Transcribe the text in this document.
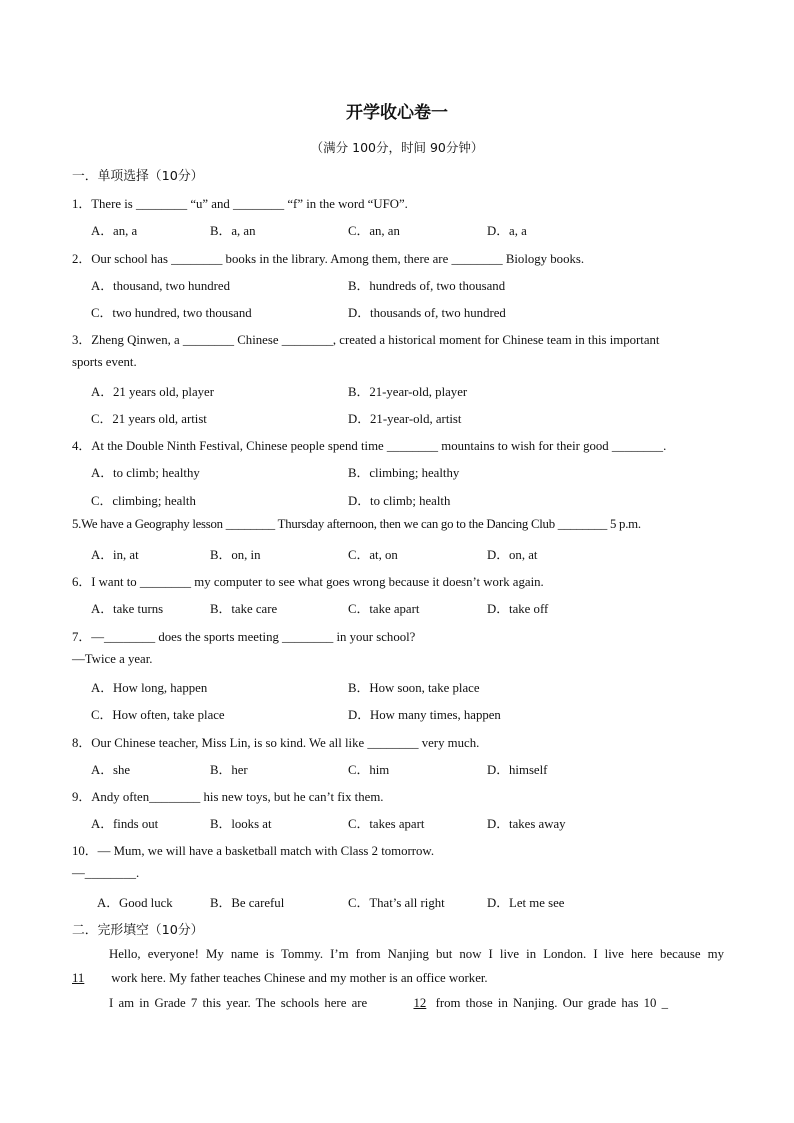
开学收心卷一
（满分 100分，时间 90分钟）
一．单项选择（10分）
1．There is ________ “u” and ________ “f” in the word “UFO”.
A．an, a	B．a, an	C．an, an	D．a, a
2．Our school has ________ books in the library. Among them, there are ________ Biology books.
A．thousand, two hundred	B．hundreds of, two thousand
C．two hundred, two thousand	D．thousands of, two hundred
3．Zheng Qinwen, a ________ Chinese ________, created a historical moment for Chinese team in this important
sports event.
A．21 years old, player	B．21-year-old, player
C．21 years old, artist	D．21-year-old, artist
4．At the Double Ninth Festival, Chinese people spend time ________ mountains to wish for their good ________.
A．to climb; healthy	B．climbing; healthy
C．climbing; health	D．to climb; health
5.We have a Geography lesson ________ Thursday afternoon, then we can go to the Dancing Club ________ 5 p.m.
A．in, at	B．on, in	C．at, on	D．on, at
6．I want to ________ my computer to see what goes wrong because it doesn’t work again.
A．take turns	B．take care	C．take apart	D．take off
7．—________ does the sports meeting ________ in your school?
—Twice a year.
A．How long, happen	B．How soon, take place
C．How often, take place	D．How many times, happen
8．Our Chinese teacher, Miss Lin, is so kind. We all like ________ very much.
A．she	B．her	C．him	D．himself
9．Andy often________ his new toys, but he can’t fix them.
A．finds out	B．looks at	C．takes apart	D．takes away
10．— Mum, we will have a basketball match with Class 2 tomorrow.
—________.
A．Good luck	B．Be careful	C．That’s all right	D．Let me see
二．完形填空（10分）
Hello, everyone! My name is Tommy. I’m from Nanjing but now I live in London. I live here because my
11 work here. My father teaches Chinese and my mother is an office worker.
I am in Grade 7 this year. The schools here are	12 from those in Nanjing. Our grade has 10 _
